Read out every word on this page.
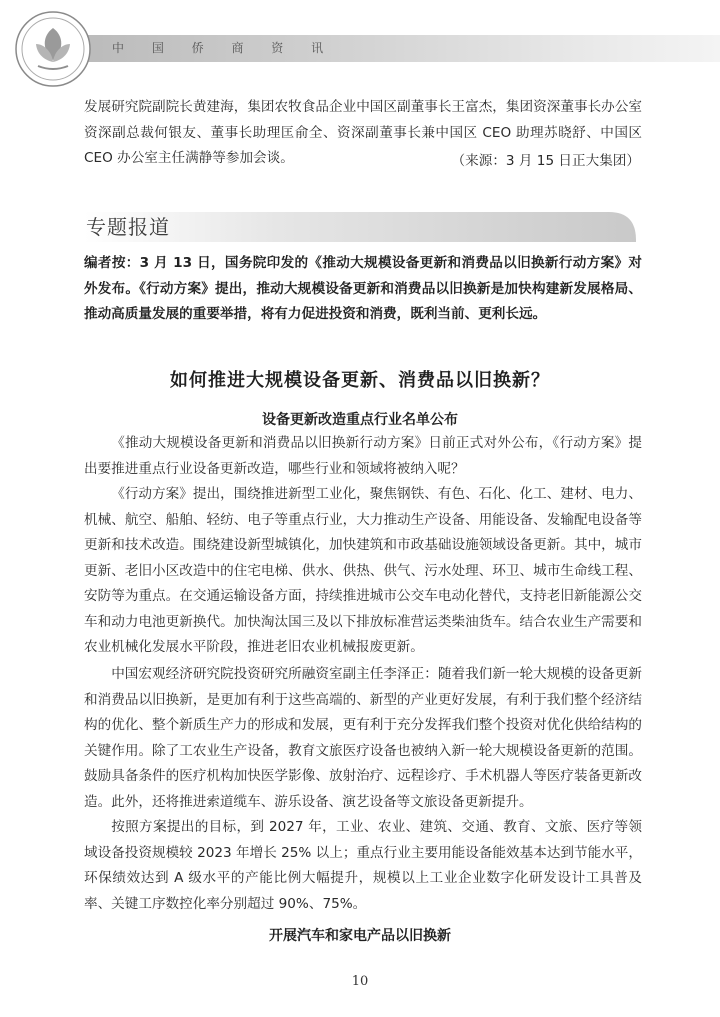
中 国 侨 商 资 讯

发展研究院副院长黄建海，集团农牧食品企业中国区副董事长王富杰，集团资深董事长办公室资深副总裁何银友、董事长助理匡俞全、资深副董事长兼中国区 CEO 助理苏晓舒、中国区 CEO 办公室主任满静等参加会谈。	（来源：3 月 15 日正大集团）
专题报道

编者按：3 月 13 日，国务院印发的《推动大规模设备更新和消费品以旧换新行动方案》对外发布。《行动方案》提出，推动大规模设备更新和消费品以旧换新是加快构建新发展格局、推动高质量发展的重要举措，将有力促进投资和消费，既利当前、更利长远。

如何推进大规模设备更新、消费品以旧换新？
设备更新改造重点行业名单公布

《推动大规模设备更新和消费品以旧换新行动方案》日前正式对外公布，《行动方案》提出要推进重点行业设备更新改造，哪些行业和领域将被纳入呢？

《行动方案》提出，围绕推进新型工业化，聚焦钢铁、有色、石化、化工、建材、电力、机械、航空、船舶、轻纺、电子等重点行业，大力推动生产设备、用能设备、发输配电设备等更新和技术改造。围绕建设新型城镇化，加快建筑和市政基础设施领域设备更新。其中，城市更新、老旧小区改造中的住宅电梯、供水、供热、供气、污水处理、环卫、城市生命线工程、安防等为重点。在交通运输设备方面，持续推进城市公交车电动化替代，支持老旧新能源公交车和动力电池更新换代。加快淘汰国三及以下排放标准营运类柴油货车。结合农业生产需要和农业机械化发展水平阶段，推进老旧农业机械报废更新。

中国宏观经济研究院投资研究所融资室副主任李泽正：随着我们新一轮大规模的设备更新和消费品以旧换新，是更加有利于这些高端的、新型的产业更好发展，有利于我们整个经济结构的优化、整个新质生产力的形成和发展，更有利于充分发挥我们整个投资对优化供给结构的关键作用。除了工农业生产设备，教育文旅医疗设备也被纳入新一轮大规模设备更新的范围。鼓励具备条件的医疗机构加快医学影像、放射治疗、远程诊疗、手术机器人等医疗装备更新改造。此外，还将推进索道缆车、游乐设备、演艺设备等文旅设备更新提升。

按照方案提出的目标，到 2027 年，工业、农业、建筑、交通、教育、文旅、医疗等领域设备投资规模较 2023 年增长 25% 以上；重点行业主要用能设备能效基本达到节能水平，环保绩效达到 A 级水平的产能比例大幅提升，规模以上工业企业数字化研发设计工具普及率、关键工序数控化率分别超过 90%、75%。

开展汽车和家电产品以旧换新
10
